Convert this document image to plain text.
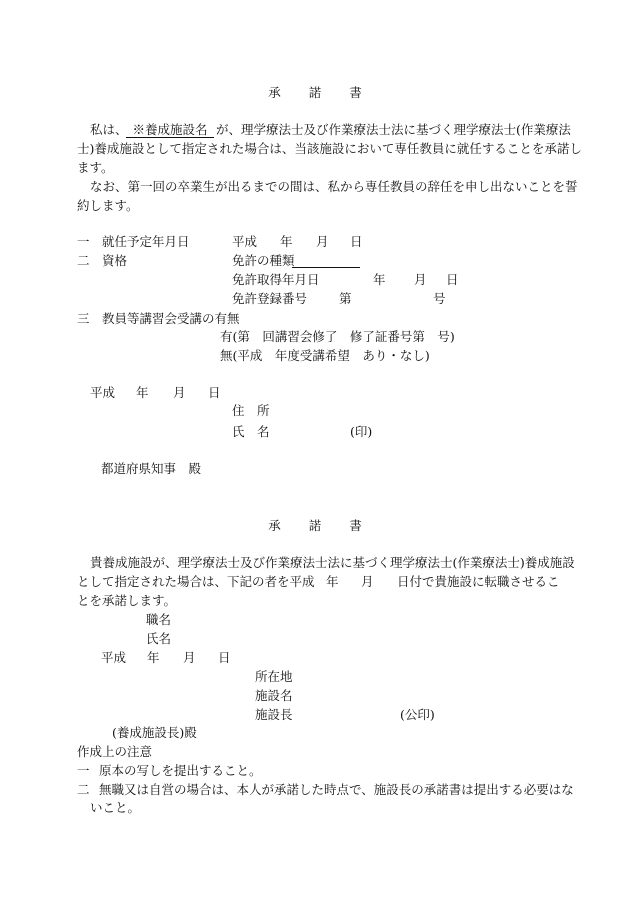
承 諾 書
私は、 ※養成施設名 が、理学療法士及び作業療法士法に基づく理学療法士(作業療法
士)養成施設として指定された場合は、当該施設において専任教員に就任することを承諾し
ます。
なお、第一回の卒業生が出るまでの間は、私から専任教員の辞任を申し出ないことを誓
約します。
一 就任予定年月日	平成 年 月 日
二 資格	免許の種類
免許取得年月日	年 月 日
免許登録番号	第	号
三 教員等講習会受講の有無
有(第　回講習会修了　修了証番号第　号)
無(平成　年度受講希望　あり・なし)
平成 年 月 日
住　所
氏　名	(印)
都道府県知事　殿
承 諾 書
貴養成施設が、理学療法士及び作業療法士法に基づく理学療法士(作業療法士)養成施設
として指定された場合は、下記の者を平成 年 月 日付で貴施設に転職させるこ
とを承諾します。
職名
氏名
平成 年 月 日
所在地
施設名
施設長	(公印)
(養成施設長)殿
作成上の注意
一 原本の写しを提出すること。
二 無職又は自営の場合は、本人が承諾した時点で、施設長の承諾書は提出する必要はな
いこと。
